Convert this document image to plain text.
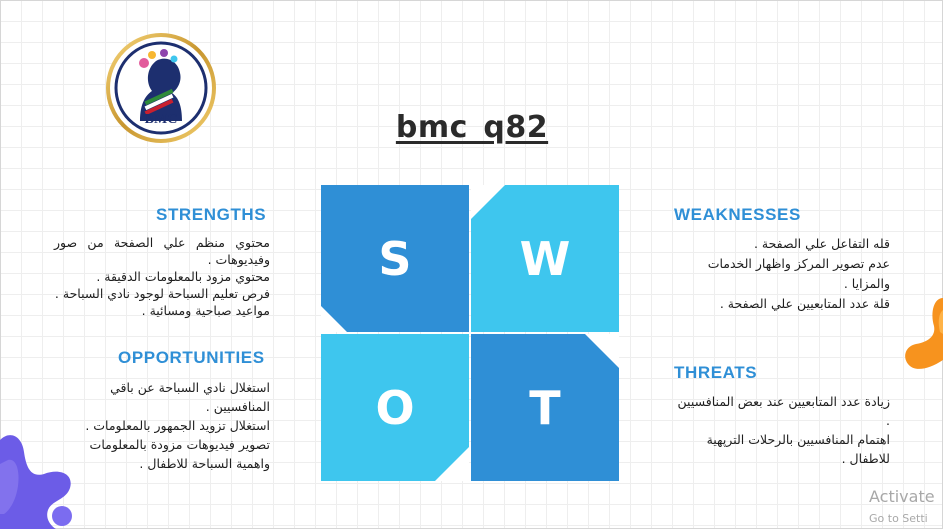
BMC	bmc_q82
S W
O T
STRENGTHS
محتوي منظم علي الصفحة من صور وفيديوهات .
محتوي مزود بالمعلومات الدقيقة .
فرص تعليم السباحة لوجود نادي السباحة .
مواعيد صباحية ومسائية .
OPPORTUNITIES
استغلال نادي السباحة عن باقي المنافسيين .
استغلال تزويد الجمهور بالمعلومات .
تصوير فيديوهات مزودة بالمعلومات واهمية السباحة للاطفال .
WEAKNESSES
قله التفاعل علي الصفحة .
عدم تصوير المركز واظهار الخدمات والمزايا .
قلة عدد المتابعيين علي الصفحة .
THREATS
زيادة عدد المتابعيين عند بعض المنافسيين .
اهتمام المنافسيين بالرحلات الترپهية للاطفال .
Activate
Go to Setti
